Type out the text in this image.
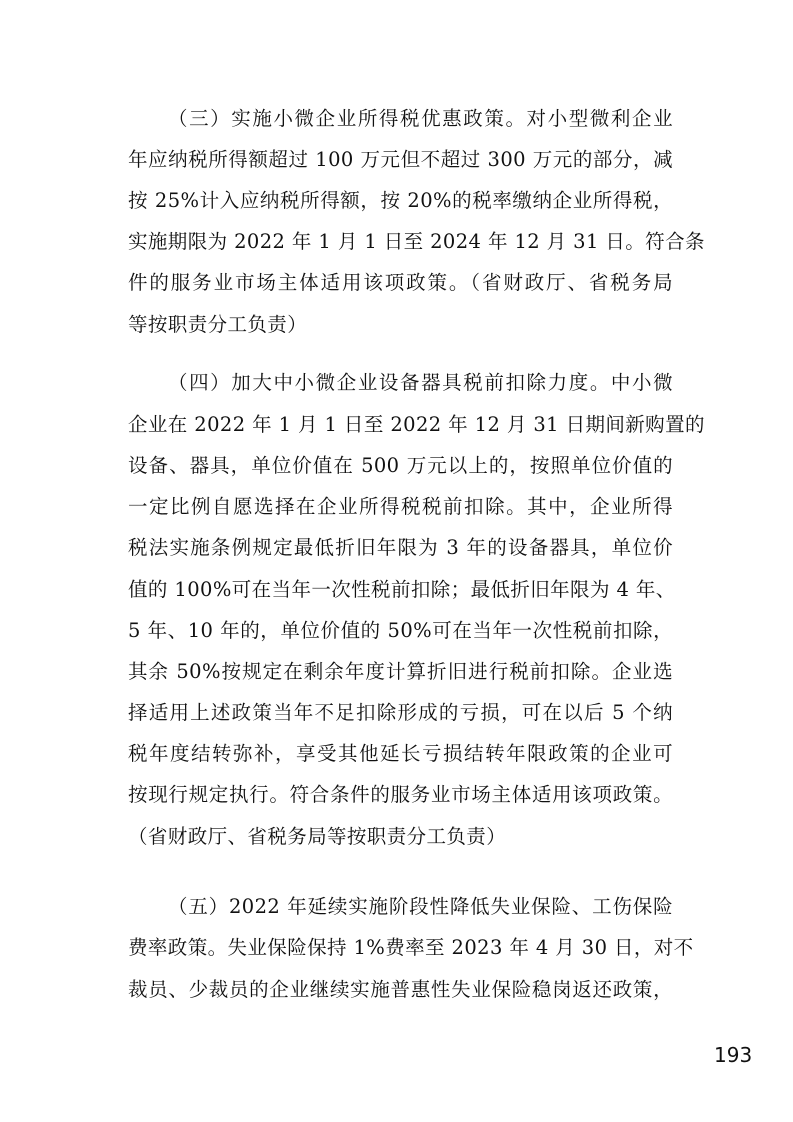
（三）实施小微企业所得税优惠政策。对小型微利企业
年应纳税所得额超过 100 万元但不超过 300 万元的部分，减
按 25%计入应纳税所得额，按 20%的税率缴纳企业所得税，
实施期限为 2022 年 1 月 1 日至 2024 年 12 月 31 日。符合条
件的服务业市场主体适用该项政策。（省财政厅、省税务局
等按职责分工负责）
（四）加大中小微企业设备器具税前扣除力度。中小微
企业在 2022 年 1 月 1 日至 2022 年 12 月 31 日期间新购置的
设备、器具，单位价值在 500 万元以上的，按照单位价值的
一定比例自愿选择在企业所得税税前扣除。其中，企业所得
税法实施条例规定最低折旧年限为 3 年的设备器具，单位价
值的 100%可在当年一次性税前扣除；最低折旧年限为 4 年、
5 年、10 年的，单位价值的 50%可在当年一次性税前扣除，
其余 50%按规定在剩余年度计算折旧进行税前扣除。企业选
择适用上述政策当年不足扣除形成的亏损，可在以后 5 个纳
税年度结转弥补，享受其他延长亏损结转年限政策的企业可
按现行规定执行。符合条件的服务业市场主体适用该项政策。
（省财政厅、省税务局等按职责分工负责）
（五）2022 年延续实施阶段性降低失业保险、工伤保险
费率政策。失业保险保持 1%费率至 2023 年 4 月 30 日，对不
裁员、少裁员的企业继续实施普惠性失业保险稳岗返还政策，
193
